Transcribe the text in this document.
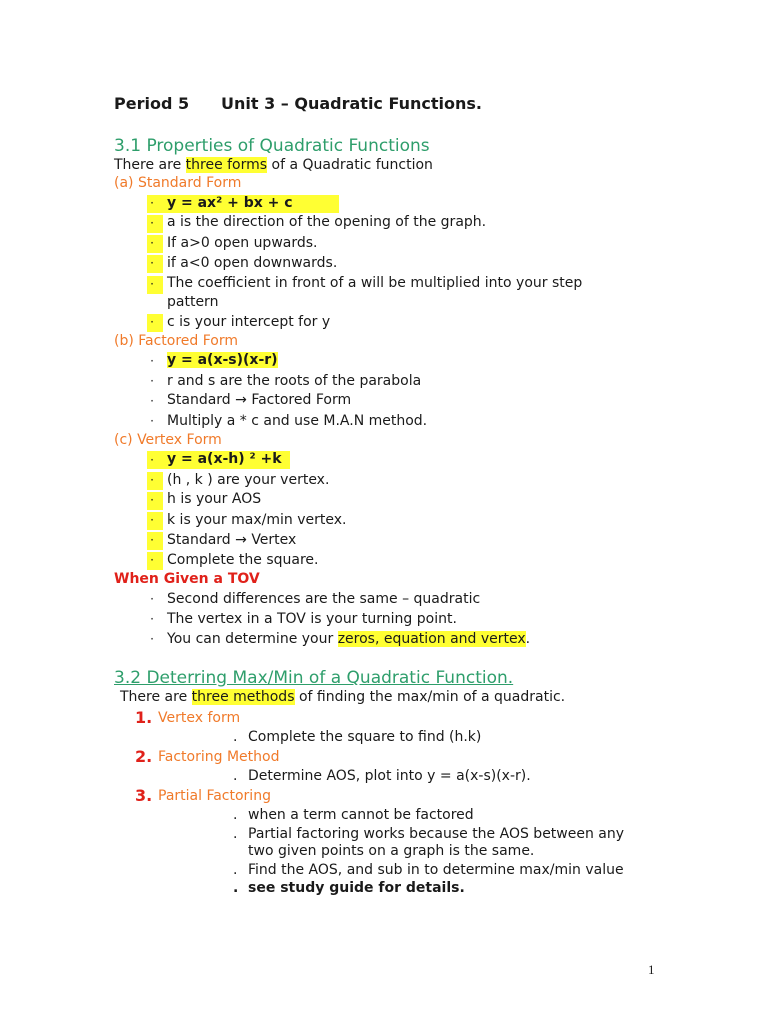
Period 5 Unit 3 – Quadratic Functions.
3.1 Properties of Quadratic Functions
There are three forms of a Quadratic function
(a) Standard Form
· y = ax² + bx + c
· a is the direction of the opening of the graph.
· If a>0 open upwards.
· if a<0 open downwards.
· The coefficient in front of a will be multiplied into your step
pattern
· c is your intercept for y
(b) Factored Form
· y = a(x-s)(x-r)
· r and s are the roots of the parabola
· Standard → Factored Form
· Multiply a * c and use M.A.N method.
(c) Vertex Form
· y = a(x-h) ² +k
· (h , k ) are your vertex.
· h is your AOS
· k is your max/min vertex.
· Standard → Vertex
· Complete the square.
When Given a TOV
· Second differences are the same – quadratic
· The vertex in a TOV is your turning point.
· You can determine your zeros, equation and vertex.
3.2 Deterring Max/Min of a Quadratic Function.
There are three methods of finding the max/min of a quadratic.
1. Vertex form
. Complete the square to find (h.k)
2. Factoring Method
. Determine AOS, plot into y = a(x-s)(x-r).
3. Partial Factoring
. when a term cannot be factored
. Partial factoring works because the AOS between any
two given points on a graph is the same.
. Find the AOS, and sub in to determine max/min value
. see study guide for details.
1
